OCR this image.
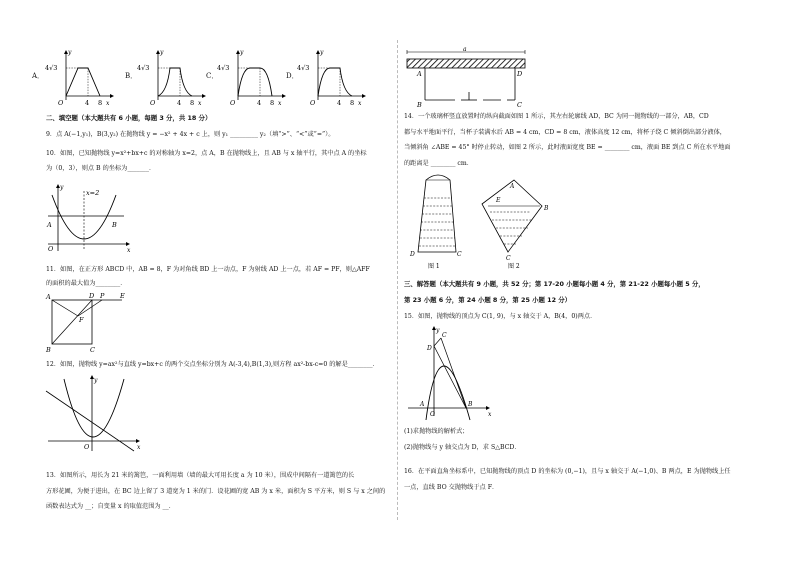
A．
4√3
y
O	4 8 x
B．
4√3
y
O	4 8 x
C．
4√3
y
O	4 8 x
D．
4√3
y
O	4 8 x
二、填空题（本大题共有 6 小题，每题 3 分，共 18 分）
9．点 A(−1,y₁)，B(3,y₂) 在抛物线 y = −x² + 4x + c 上，则 y₁ _________ y₂（填“>”、“<”或“=”）。
10．如图，已知抛物线 y=x²+bx+c 的对称轴为 x=2，点 A，B 在抛物线上，且 AB 与 x 轴平行，其中点 A 的坐标
为（0，3），则点 B 的坐标为_______．
x=2
A	B
O
y
x
11．如图，在正方形 ABCD 中，AB = 8，F 为对角线 BD 上一动点，F 为射线 AD 上一点，若 AF = PF，则△AFF
的面积的最大值为________．
A	D P E
F
B	C
12．如图，抛物线 y=ax²与直线 y=bx+c 的两个交点坐标分别为 A(-3,4),B(1,3),则方程 ax²-bx-c=0 的解是________．
O	x
y
13．如图所示，用长为 21 米的篱笆，一面利用墙（墙的最大可用长度 a 为 10 米），围成中间隔有一道篱笆的长
方形花圃，为便于进出，在 BC 边上留了 3 道宽为 1 米的门．设花圃的宽 AB 为 x 米，面积为 S 平方米，则 S 与 x 之间的
函数表达式为 __；自变量 x 的取值范围为 __．
a
A	D
B	C
14．一个玻璃杯竖直放置时的纵向截面如图 1 所示，其左右轮廓线 AD，BC 为同一抛物线的一部分，AB，CD
都与水平地面平行，当杯子装满水后 AB = 4 cm，CD = 8 cm，液体高度 12 cm，将杯子绕 C 倾斜倒出部分液体，
当倾斜角 ∠ABE = 45° 时停止转动，如图 2 所示，此时液面宽度 BE = ________ cm，液面 BE 到点 C 所在水平地面
的距离是 ________ cm．
D	C
图 1
A
B
E
C
图 2
三、解答题（本大题共有 9 小题，共 52 分；第 17-20 小题每小题 4 分，第 21-22 小题每小题 5 分，
第 23 小题 6 分，第 24 小题 8 分，第 25 小题 12 分）
15．如图，抛物线的顶点为 C(1, 9)，与 x 轴交于 A，B(4，0)两点．
C
D
A	B
O
y
x
(1)求抛物线的解析式；
(2)抛物线与 y 轴交点为 D，求 S△BCD．
16．在平面直角坐标系中，已知抛物线的顶点 D 的坐标为 (0,−1)，且与 x 轴交于 A(−1,0)、B 两点，E 为抛物线上任
一点，直线 BO 交抛物线于点 F．
